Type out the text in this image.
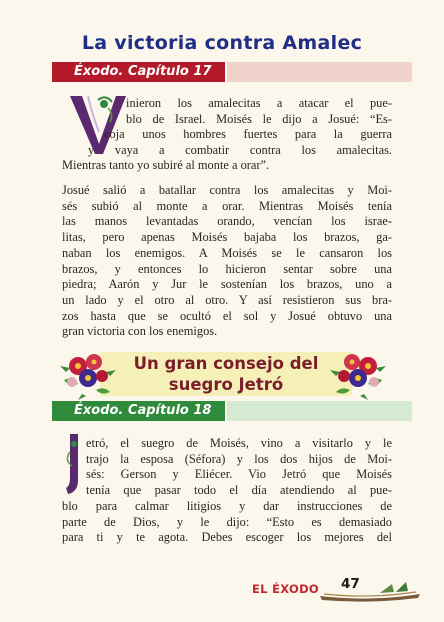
La victoria contra Amalec
Éxodo. Capítulo 17
inieron los amalecitas a atacar el pue-
blo de Israel. Moisés le dijo a Josué: “Es-
coja unos hombres fuertes para la guerra
y vaya a combatir contra los amalecitas.
Mientras tanto yo subiré al monte a orar”.
Josué salió a batallar contra los amalecitas y Moi-
sés subió al monte a orar. Mientras Moisés tenía
las manos levantadas orando, vencían los israe-
litas, pero apenas Moisés bajaba los brazos, ga-
naban los enemigos. A Moisés se le cansaron los
brazos, y entonces lo hicieron sentar sobre una
piedra; Aarón y Jur le sostenían los brazos, uno a
un lado y el otro al otro. Y así resistieron sus bra-
zos hasta que se ocultó el sol y Josué obtuvo una
gran victoria con los enemigos.
Un gran consejo del
suegro Jetró
Éxodo. Capítulo 18
etró, el suegro de Moisés, vino a visitarlo y le
trajo la esposa (Séfora) y los dos hijos de Moi-
sés: Gerson y Eliécer. Vio Jetró que Moisés
tenía que pasar todo el día atendiendo al pue-
blo para calmar litigios y dar instrucciones de
parte de Dios, y le dijo: “Esto es demasiado
para ti y te agota. Debes escoger los mejores del
EL ÉXODO 47
